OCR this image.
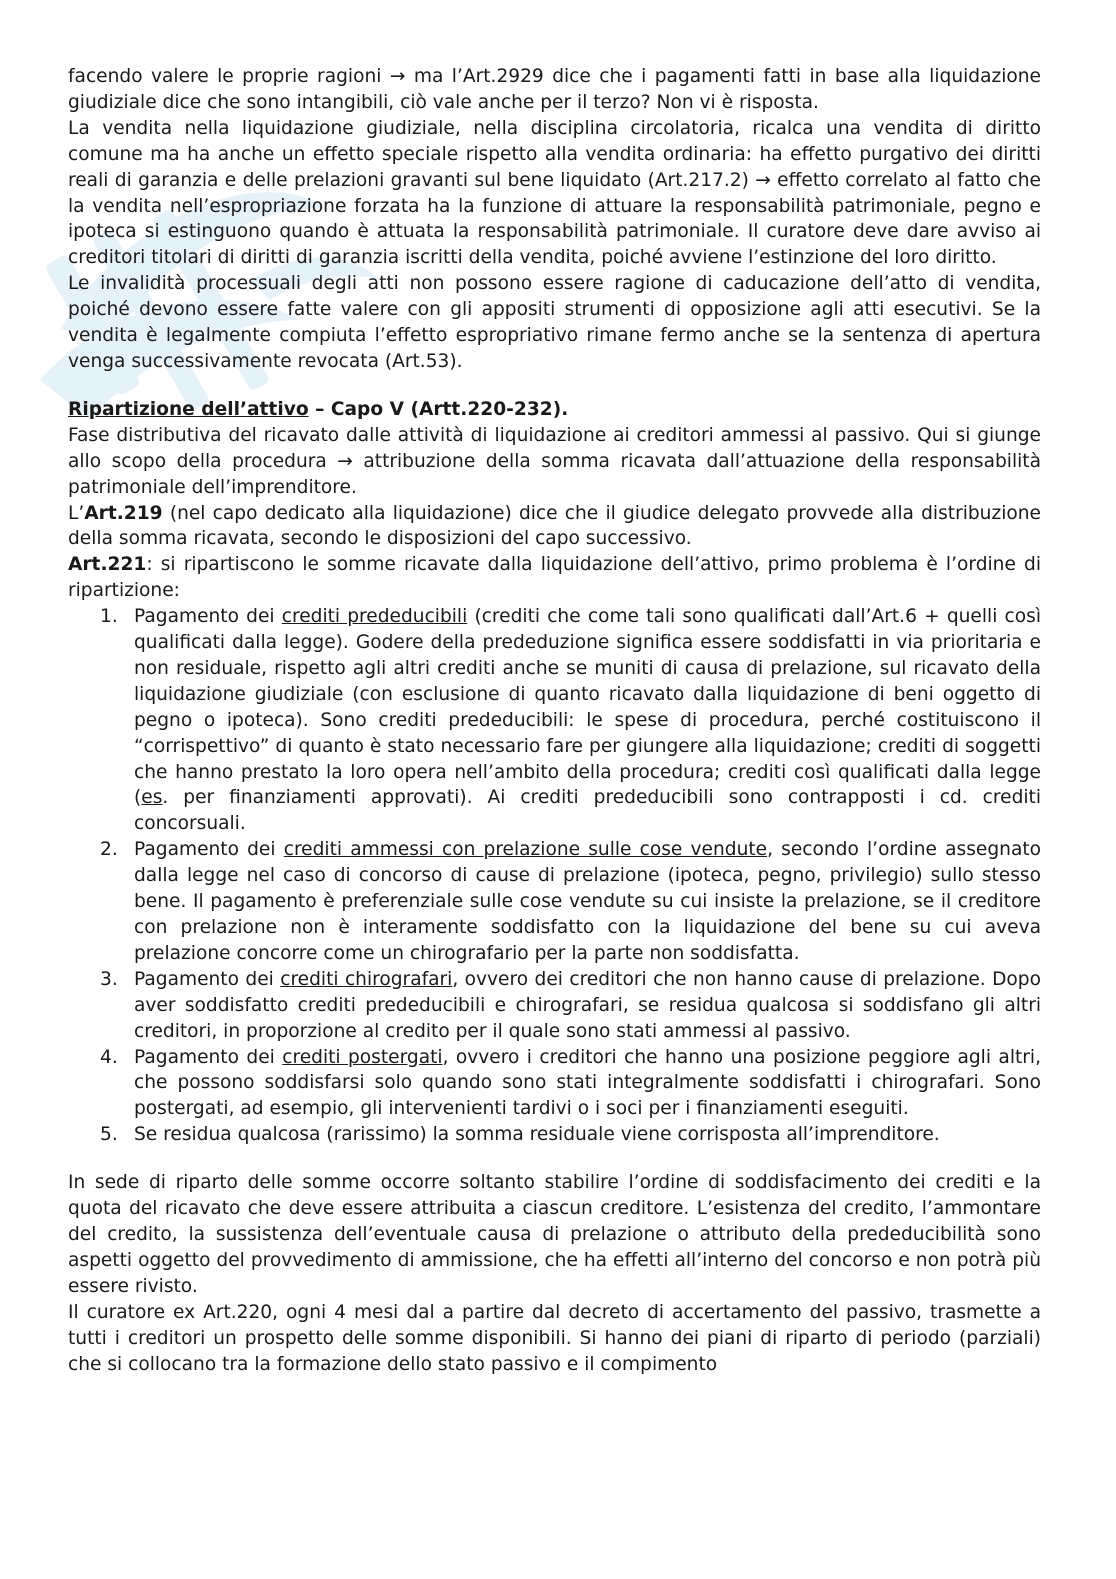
facendo valere le proprie ragioni → ma l’Art.2929 dice che i pagamenti fatti in base alla liquidazione giudiziale dice che sono intangibili, ciò vale anche per il terzo? Non vi è risposta.

La vendita nella liquidazione giudiziale, nella disciplina circolatoria, ricalca una vendita di diritto comune ma ha anche un effetto speciale rispetto alla vendita ordinaria: ha effetto purgativo dei diritti reali di garanzia e delle prelazioni gravanti sul bene liquidato (Art.217.2) → effetto correlato al fatto che la vendita nell’espropriazione forzata ha la funzione di attuare la responsabilità patrimoniale, pegno e ipoteca si estinguono quando è attuata la responsabilità patrimoniale. Il curatore deve dare avviso ai creditori titolari di diritti di garanzia iscritti della vendita, poiché avviene l’estinzione del loro diritto.

Le invalidità processuali degli atti non possono essere ragione di caducazione dell’atto di vendita, poiché devono essere fatte valere con gli appositi strumenti di opposizione agli atti esecutivi. Se la vendita è legalmente compiuta l’effetto espropriativo rimane fermo anche se la sentenza di apertura venga successivamente revocata (Art.53).

Ripartizione dell’attivo – Capo V (Artt.220-232).

Fase distributiva del ricavato dalle attività di liquidazione ai creditori ammessi al passivo. Qui si giunge allo scopo della procedura → attribuzione della somma ricavata dall’attuazione della responsabilità patrimoniale dell’imprenditore.

L’Art.219 (nel capo dedicato alla liquidazione) dice che il giudice delegato provvede alla distribuzione della somma ricavata, secondo le disposizioni del capo successivo.

Art.221: si ripartiscono le somme ricavate dalla liquidazione dell’attivo, primo problema è l’ordine di ripartizione:

1. Pagamento dei crediti prededucibili (crediti che come tali sono qualificati dall’Art.6 + quelli così qualificati dalla legge). Godere della prededuzione significa essere soddisfatti in via prioritaria e non residuale, rispetto agli altri crediti anche se muniti di causa di prelazione, sul ricavato della liquidazione giudiziale (con esclusione di quanto ricavato dalla liquidazione di beni oggetto di pegno o ipoteca). Sono crediti prededucibili: le spese di procedura, perché costituiscono il “corrispettivo” di quanto è stato necessario fare per giungere alla liquidazione; crediti di soggetti che hanno prestato la loro opera nell’ambito della procedura; crediti così qualificati dalla legge (es. per finanziamenti approvati). Ai crediti prededucibili sono contrapposti i cd. crediti concorsuali.
2. Pagamento dei crediti ammessi con prelazione sulle cose vendute, secondo l’ordine assegnato dalla legge nel caso di concorso di cause di prelazione (ipoteca, pegno, privilegio) sullo stesso bene. Il pagamento è preferenziale sulle cose vendute su cui insiste la prelazione, se il creditore con prelazione non è interamente soddisfatto con la liquidazione del bene su cui aveva prelazione concorre come un chirografario per la parte non soddisfatta.
3. Pagamento dei crediti chirografari, ovvero dei creditori che non hanno cause di prelazione. Dopo aver soddisfatto crediti prededucibili e chirografari, se residua qualcosa si soddisfano gli altri creditori, in proporzione al credito per il quale sono stati ammessi al passivo.
4. Pagamento dei crediti postergati, ovvero i creditori che hanno una posizione peggiore agli altri, che possono soddisfarsi solo quando sono stati integralmente soddisfatti i chirografari. Sono postergati, ad esempio, gli intervenienti tardivi o i soci per i finanziamenti eseguiti.
5. Se residua qualcosa (rarissimo) la somma residuale viene corrisposta all’imprenditore.

In sede di riparto delle somme occorre soltanto stabilire l’ordine di soddisfacimento dei crediti e la quota del ricavato che deve essere attribuita a ciascun creditore. L’esistenza del credito, l’ammontare del credito, la sussistenza dell’eventuale causa di prelazione o attributo della prededucibilità sono aspetti oggetto del provvedimento di ammissione, che ha effetti all’interno del concorso e non potrà più essere rivisto.

Il curatore ex Art.220, ogni 4 mesi dal a partire dal decreto di accertamento del passivo, trasmette a tutti i creditori un prospetto delle somme disponibili. Si hanno dei piani di riparto di periodo (parziali) che si collocano tra la formazione dello stato passivo e il compimento
